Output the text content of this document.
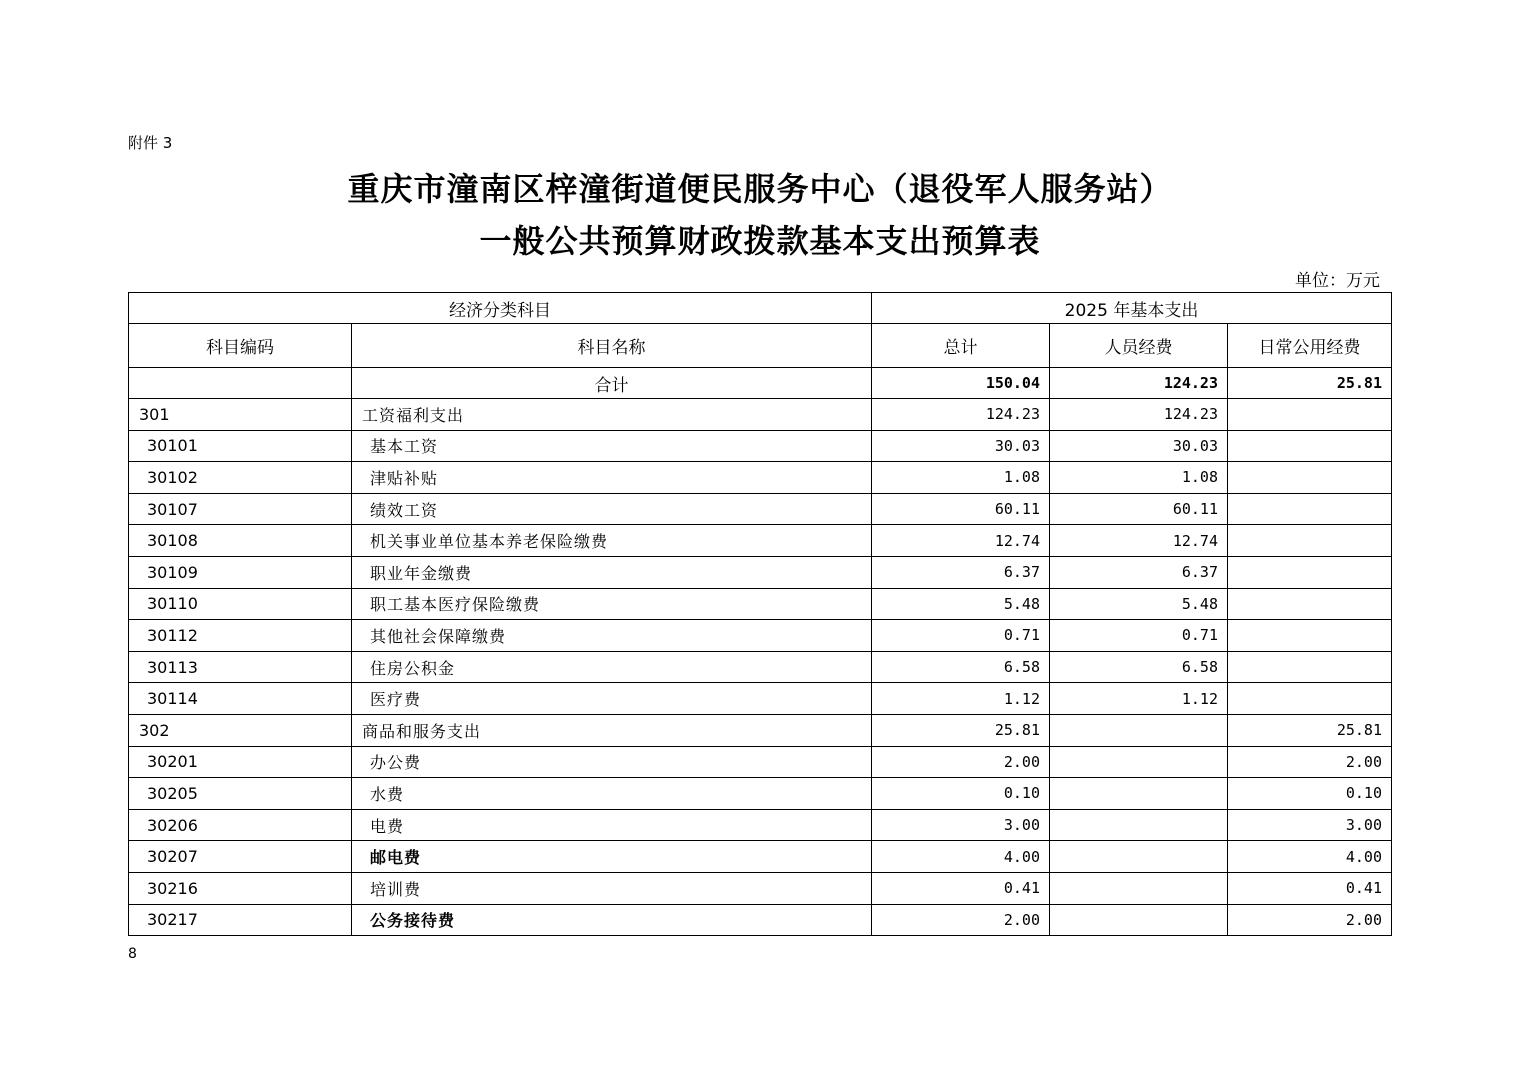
附件 3
重庆市潼南区梓潼街道便民服务中心（退役军人服务站）
一般公共预算财政拨款基本支出预算表
单位：万元
经济分类科目		2025 年基本支出		
科目编码	科目名称	总计	人员经费	日常公用经费
	合计	150.04	124.23	25.81
301	工资福利支出	124.23	124.23	
30101	基本工资	30.03	30.03	
30102	津贴补贴	1.08	1.08	
30107	绩效工资	60.11	60.11	
30108	机关事业单位基本养老保险缴费	12.74	12.74	
30109	职业年金缴费	6.37	6.37	
30110	职工基本医疗保险缴费	5.48	5.48	
30112	其他社会保障缴费	0.71	0.71	
30113	住房公积金	6.58	6.58	
30114	医疗费	1.12	1.12	
302	商品和服务支出	25.81		25.81
30201	办公费	2.00		2.00
30205	水费	0.10		0.10
30206	电费	3.00		3.00
30207	邮电费	4.00		4.00
30216	培训费	0.41		0.41
30217	公务接待费	2.00		2.00
8
